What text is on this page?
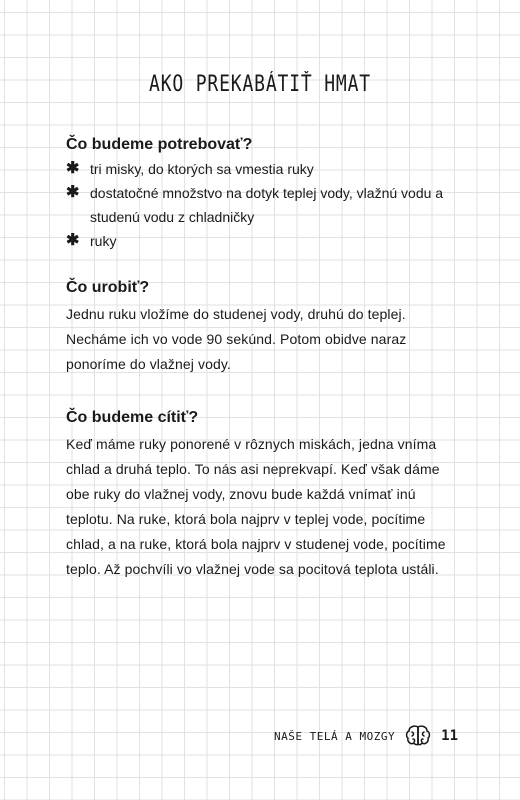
AKO PREKABÁTIŤ HMAT
Čo budeme potrebovať?
✱ tri misky, do ktorých sa vmestia ruky
✱ dostatočné množstvo na dotyk teplej vody, vlažnú vodu a studenú vodu z chladničky
✱ ruky
Čo urobiť?

Jednu ruku vložíme do studenej vody, druhú do teplej. Necháme ich vo vode 90 sekúnd. Potom obidve naraz ponoríme do vlažnej vody.

Čo budeme cítiť?

Keď máme ruky ponorené v rôznych miskách, jedna vníma chlad a druhá teplo. To nás asi neprekvapí. Keď však dáme obe ruky do vlažnej vody, znovu bude každá vnímať inú teplotu. Na ruke, ktorá bola najprv v teplej vode, pocítime chlad, a na ruke, ktorá bola najprv v studenej vode, pocítime teplo. Až pochvíli vo vlažnej vode sa pocitová teplota ustáli.

NAŠE TELÁ A MOZGY	11
